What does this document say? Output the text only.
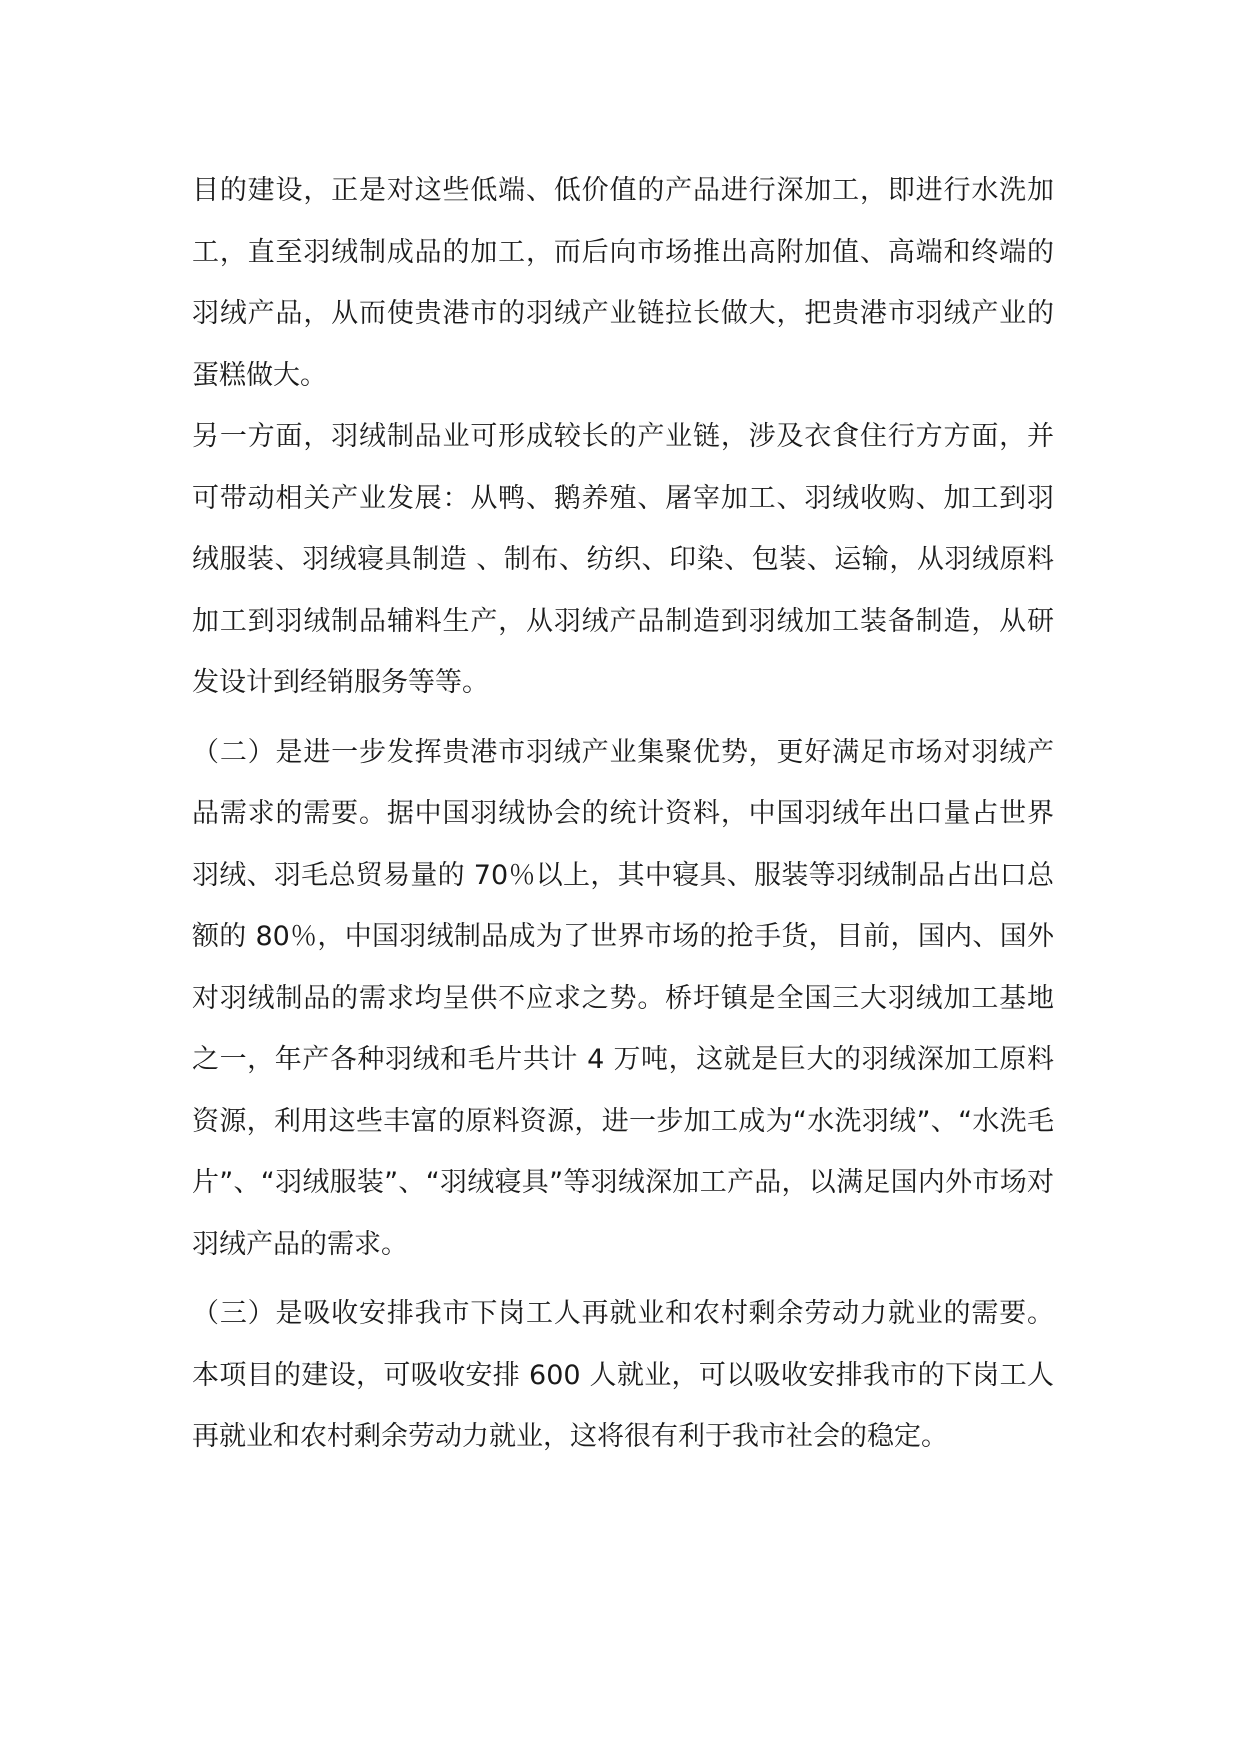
目的建设，正是对这些低端、低价值的产品进行深加工，即进行水洗加工，直至羽绒制成品的加工，而后向市场推出高附加值、高端和终端的羽绒产品，从而使贵港市的羽绒产业链拉长做大，把贵港市羽绒产业的蛋糕做大。

另一方面，羽绒制品业可形成较长的产业链，涉及衣食住行方方面，并可带动相关产业发展：从鸭、鹅养殖、屠宰加工、羽绒收购、加工到羽绒服装、羽绒寝具制造 、制布、纺织、印染、包装、运输，从羽绒原料加工到羽绒制品辅料生产，从羽绒产品制造到羽绒加工装备制造，从研发设计到经销服务等等。

（二）是进一步发挥贵港市羽绒产业集聚优势，更好满足市场对羽绒产品需求的需要。据中国羽绒协会的统计资料，中国羽绒年出口量占世界羽绒、羽毛总贸易量的 70％以上，其中寝具、服装等羽绒制品占出口总额的 80％，中国羽绒制品成为了世界市场的抢手货，目前，国内、国外对羽绒制品的需求均呈供不应求之势。桥圩镇是全国三大羽绒加工基地之一，年产各种羽绒和毛片共计 4 万吨，这就是巨大的羽绒深加工原料资源，利用这些丰富的原料资源，进一步加工成为“水洗羽绒”、“水洗毛片”、“羽绒服装”、“羽绒寝具”等羽绒深加工产品，以满足国内外市场对羽绒产品的需求。

（三）是吸收安排我市下岗工人再就业和农村剩余劳动力就业的需要。本项目的建设，可吸收安排 600 人就业，可以吸收安排我市的下岗工人再就业和农村剩余劳动力就业，这将很有利于我市社会的稳定。
